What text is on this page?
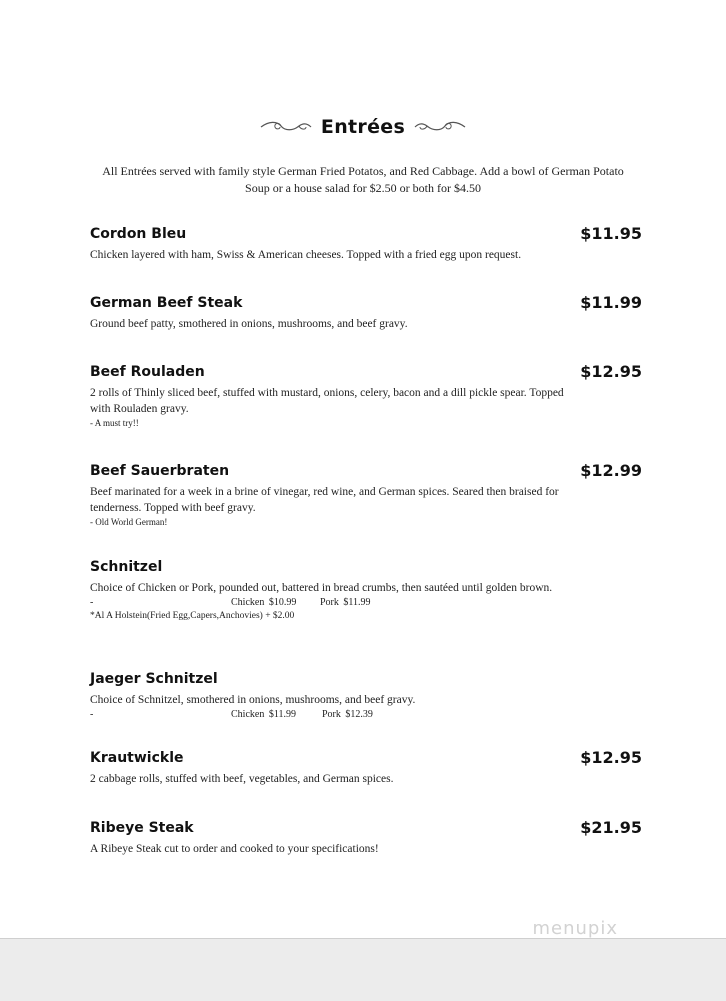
Entrées
All Entrées served with family style German Fried Potatos, and Red Cabbage. Add a bowl of German Potato Soup or a house salad for $2.50 or both for $4.50
Cordon Bleu	$11.95
Chicken layered with ham, Swiss & American cheeses. Topped with a fried egg upon request.
German Beef Steak	$11.99
Ground beef patty, smothered in onions, mushrooms, and beef gravy.
Beef Rouladen	$12.95
2 rolls of Thinly sliced beef, stuffed with mustard, onions, celery, bacon and a dill pickle spear. Topped with Rouladen gravy.
- A must try!!
Beef Sauerbraten	$12.99
Beef marinated for a week in a brine of vinegar, red wine, and German spices. Seared then braised for tenderness. Topped with beef gravy.
- Old World German!
Schnitzel
Choice of Chicken or Pork, pounded out, battered in bread crumbs, then sautéed until golden brown.
-	Chicken $10.99 Pork $11.99
*Al A Holstein(Fried Egg,Capers,Anchovies) + $2.00
Jaeger Schnitzel
Choice of Schnitzel, smothered in onions, mushrooms, and beef gravy.
-	Chicken $11.99	Pork $12.39
Krautwickle	$12.95
2 cabbage rolls, stuffed with beef, vegetables, and German spices.
Ribeye Steak	$21.95
A Ribeye Steak cut to order and cooked to your specifications!
menupix
